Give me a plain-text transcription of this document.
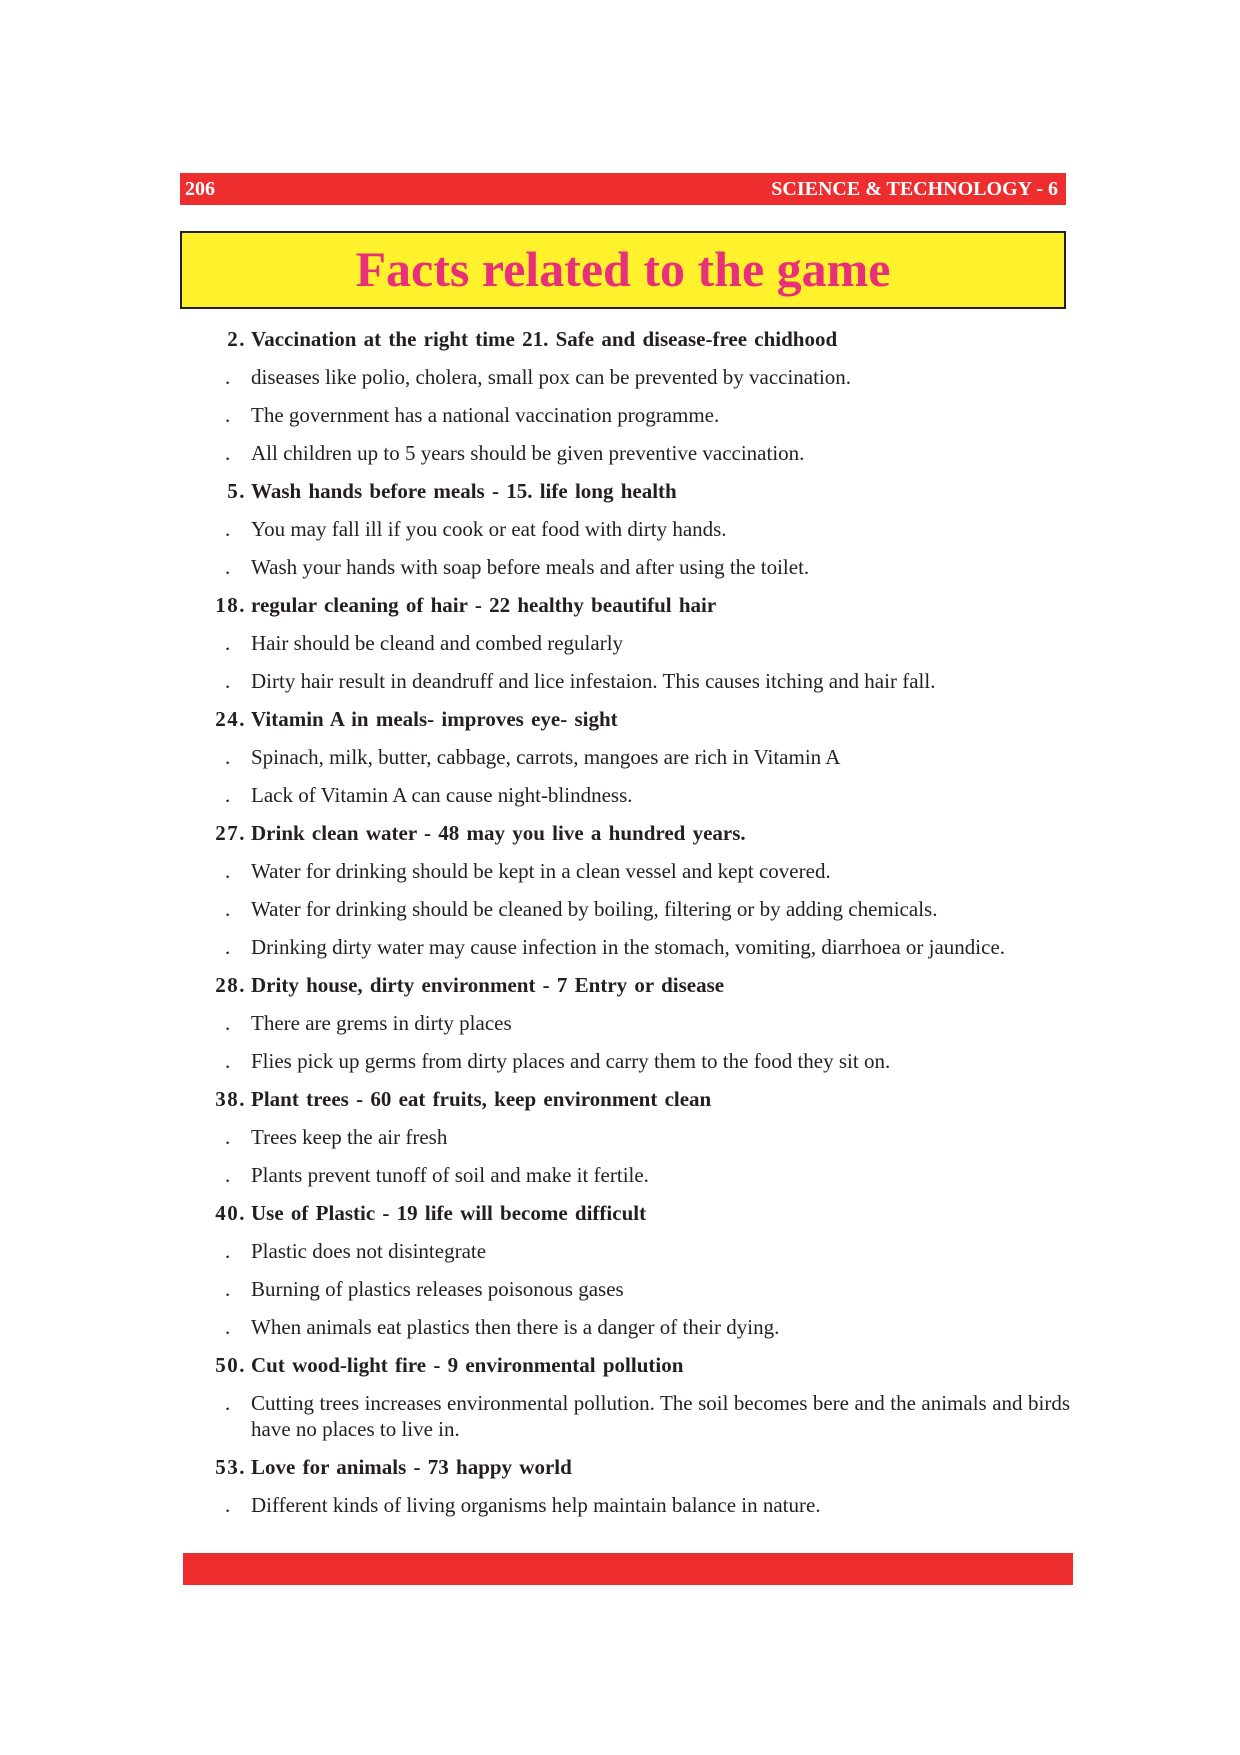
206	SCIENCE & TECHNOLOGY - 6
Facts related to the game
2. Vaccination at the right time 21. Safe and disease-free chidhood
. diseases like polio, cholera, small pox can be prevented by vaccination.
. The government has a national vaccination programme.
. All children up to 5 years should be given preventive vaccination.
5. Wash hands before meals - 15. life long health
. You may fall ill if you cook or eat food with dirty hands.
. Wash your hands with soap before meals and after using the toilet.
18. regular cleaning of hair - 22 healthy beautiful hair
. Hair should be cleand and combed regularly
. Dirty hair result in deandruff and lice infestaion. This causes itching and hair fall.
24. Vitamin A in meals- improves eye- sight
. Spinach, milk, butter, cabbage, carrots, mangoes are rich in Vitamin A
. Lack of Vitamin A can cause night-blindness.
27. Drink clean water - 48 may you live a hundred years.
. Water for drinking should be kept in a clean vessel and kept covered.
. Water for drinking should be cleaned by boiling, filtering or by adding chemicals.
. Drinking dirty water may cause infection in the stomach, vomiting, diarrhoea or jaundice.
28. Drity house, dirty environment - 7 Entry or disease
. There are grems in dirty places
. Flies pick up germs from dirty places and carry them to the food they sit on.
38. Plant trees - 60 eat fruits, keep environment clean
. Trees keep the air fresh
. Plants prevent tunoff of soil and make it fertile.
40. Use of Plastic - 19 life will become difficult
. Plastic does not disintegrate
. Burning of plastics releases poisonous gases
. When animals eat plastics then there is a danger of their dying.
50. Cut wood-light fire - 9 environmental pollution
. Cutting trees increases environmental pollution. The soil becomes bere and the animals and birds have no places to live in.
53. Love for animals - 73 happy world
. Different kinds of living organisms help maintain balance in nature.
